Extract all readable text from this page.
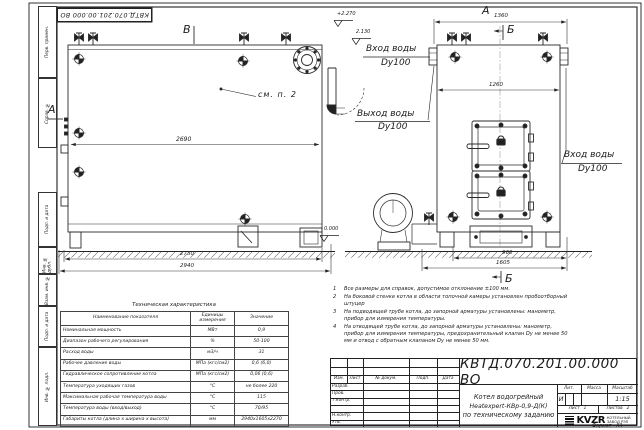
Перв. примен.
Справ. №
Подп. и дата
Инв. № дубл.
Взам. инв. №
Подп. и дата
Инв. № подл.
КВТД.070.201.00.000 ВО
А
В
А
Б
Б
см. п. 2
2690
2730
2940
1360
1260
960
1605
+2.270
2.130
0.000
Вход воды
Dy100
Выход воды
Dy100
Вход воды
Dy100
Техническая характеристика
Наименование показателя	Единицы измерения	Значение
Номинальная мощность	МВт	0,9
Диапазон рабочего регулирования	%	50-100
Расход воды	м3/ч	31
Рабочее давление воды	МПа (кгс/см2)	0,6 (6,0)
Гидравлическое сопротивление котла	МПа (кгс/см2)	0,06 (0,6)
Температура уходящих газов	°С	не более 220
Максимальная рабочая температура воды	°С	115
Температура воды (вход/выход)	°С	70/95
Габариты котла (длина х ширина х высота)	мм	2940х1605х2270
1	Все размеры для справок, допустимое отклонение ±100 мм.
2	На боковой стенке котла в области топочной камеры установлен пробоотборный штуцер
3	На подводящей трубе котла, до запорной арматуры установлены: манометр, прибор для измерения температуры.
4	На отводящей трубе котла, до запорной арматуры установлены: манометр, прибор для измерения температуры, предохранительный клапан Dу не менее 50 мм и отвод с обратным клапаном Dу не менее 50 мм.
Изм.	Лист	№ докум.	Подп.	Дата
Разраб.
Пров.
Т.контр.
Н.контр.
Утв.
КВТД.070.201.00.000 ВО
Котел водогрейный
Heatexpert-КВр-0,9-Д(К)
по техническому заданию
Лит.	Масса	Масштаб
И	1:15
Лист 1	Листов 2
KVZR КОТЕЛЬНЫЙ
ЗАВОД РЭП
Формат А3
